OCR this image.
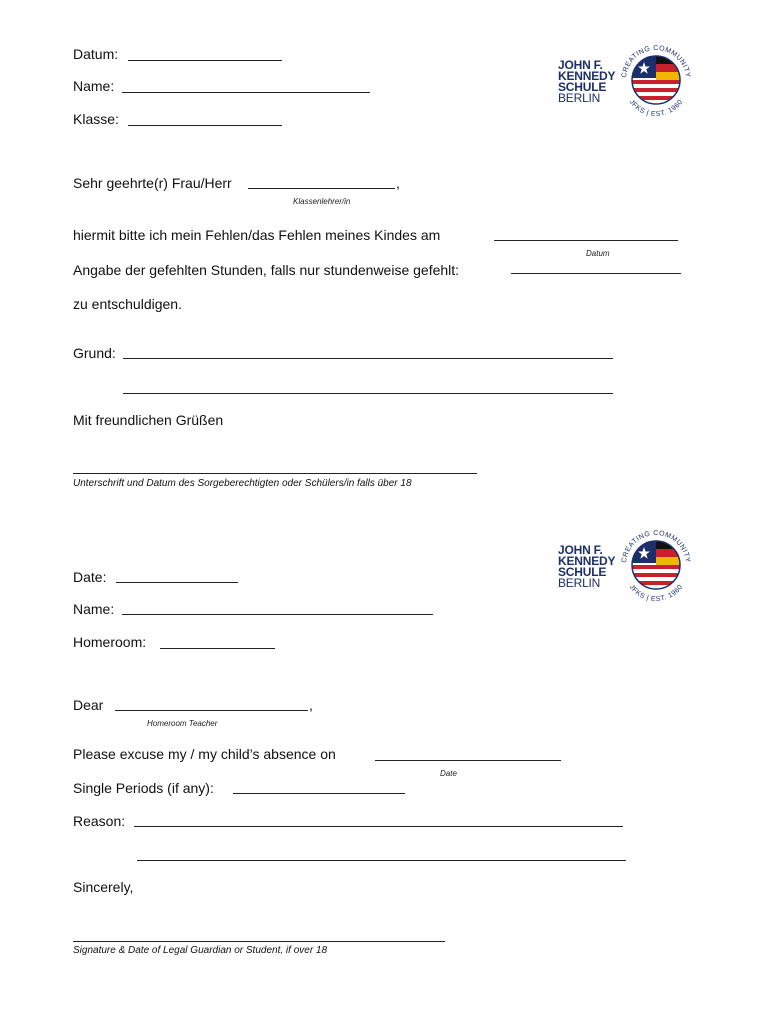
JOHN F.
KENNEDY
SCHULE
BERLIN
CREATING COMMUNITY
JFKS | EST. 1960
Datum:
Name:
Klasse:
Sehr geehrte(r) Frau/Herr	,
Klassenlehrer/in
hiermit bitte ich mein Fehlen/das Fehlen meines Kindes am
Datum
Angabe der gefehlten Stunden, falls nur stundenweise gefehlt:
zu entschuldigen.
Grund:
Mit freundlichen Grüßen
Unterschrift und Datum des Sorgeberechtigten oder Schülers/in falls über 18
JOHN F.
KENNEDY
SCHULE
BERLIN
CREATING COMMUNITY
JFKS | EST. 1960
Date:
Name:
Homeroom:
Dear	,
Homeroom Teacher
Please excuse my / my child’s absence on
Date
Single Periods (if any):
Reason:
Sincerely,
Signature & Date of Legal Guardian or Student, if over 18
